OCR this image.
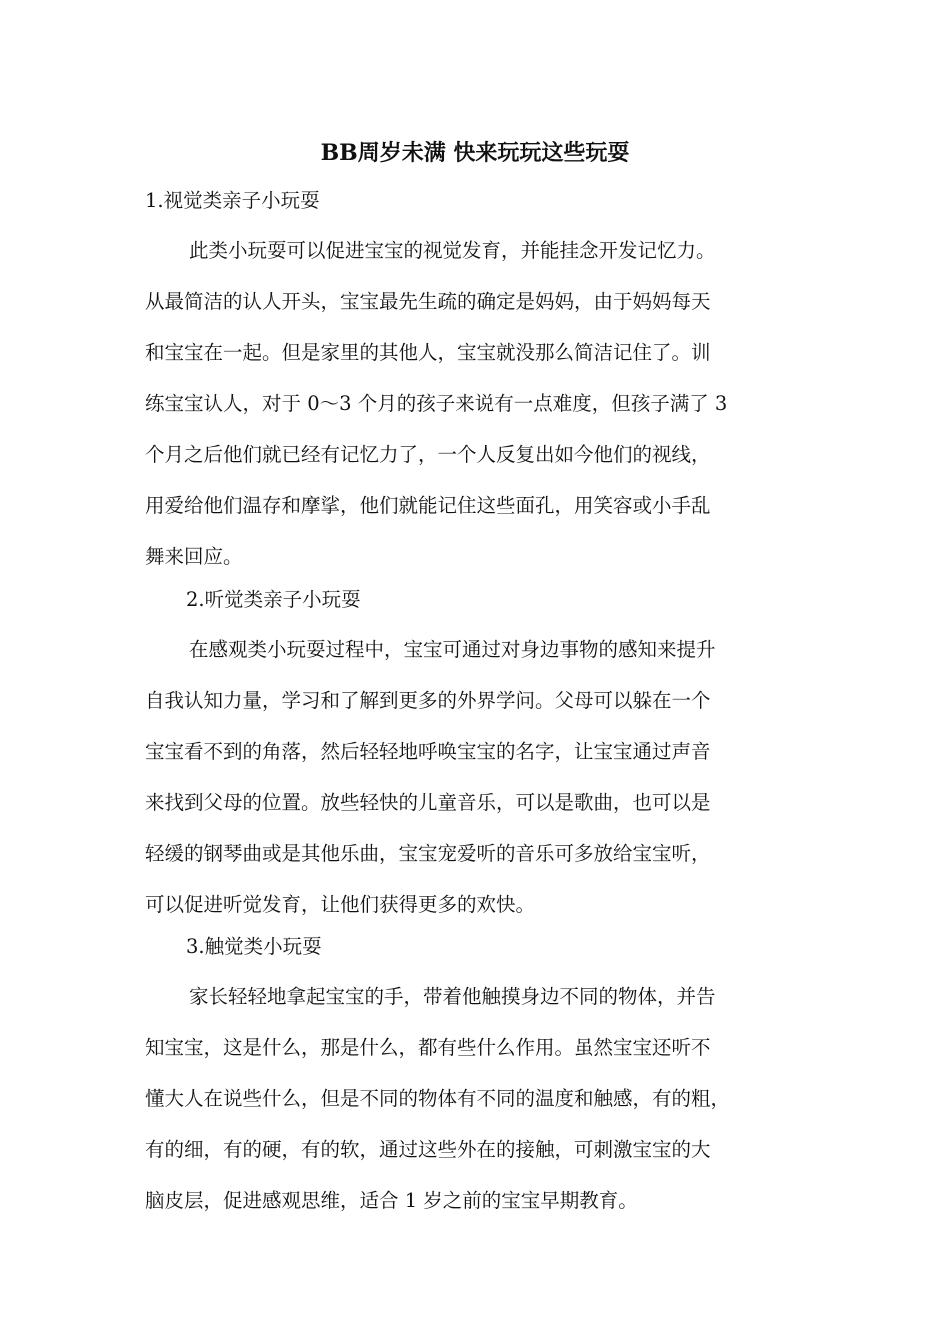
BB周岁未满 快来玩玩这些玩耍
1.视觉类亲子小玩耍
此类小玩耍可以促进宝宝的视觉发育，并能挂念开发记忆力。
从最简洁的认人开头，宝宝最先生疏的确定是妈妈，由于妈妈每天
和宝宝在一起。但是家里的其他人，宝宝就没那么简洁记住了。训
练宝宝认人，对于 0～3 个月的孩子来说有一点难度，但孩子满了 3
个月之后他们就已经有记忆力了，一个人反复出如今他们的视线，
用爱给他们温存和摩挲，他们就能记住这些面孔，用笑容或小手乱
舞来回应。
2.听觉类亲子小玩耍
在感观类小玩耍过程中，宝宝可通过对身边事物的感知来提升
自我认知力量，学习和了解到更多的外界学问。父母可以躲在一个
宝宝看不到的角落，然后轻轻地呼唤宝宝的名字，让宝宝通过声音
来找到父母的位置。放些轻快的儿童音乐，可以是歌曲，也可以是
轻缓的钢琴曲或是其他乐曲，宝宝宠爱听的音乐可多放给宝宝听，
可以促进听觉发育，让他们获得更多的欢快。
3.触觉类小玩耍
家长轻轻地拿起宝宝的手，带着他触摸身边不同的物体，并告
知宝宝，这是什么，那是什么，都有些什么作用。虽然宝宝还听不
懂大人在说些什么，但是不同的物体有不同的温度和触感，有的粗，
有的细，有的硬，有的软，通过这些外在的接触，可刺激宝宝的大
脑皮层，促进感观思维，适合 1 岁之前的宝宝早期教育。
